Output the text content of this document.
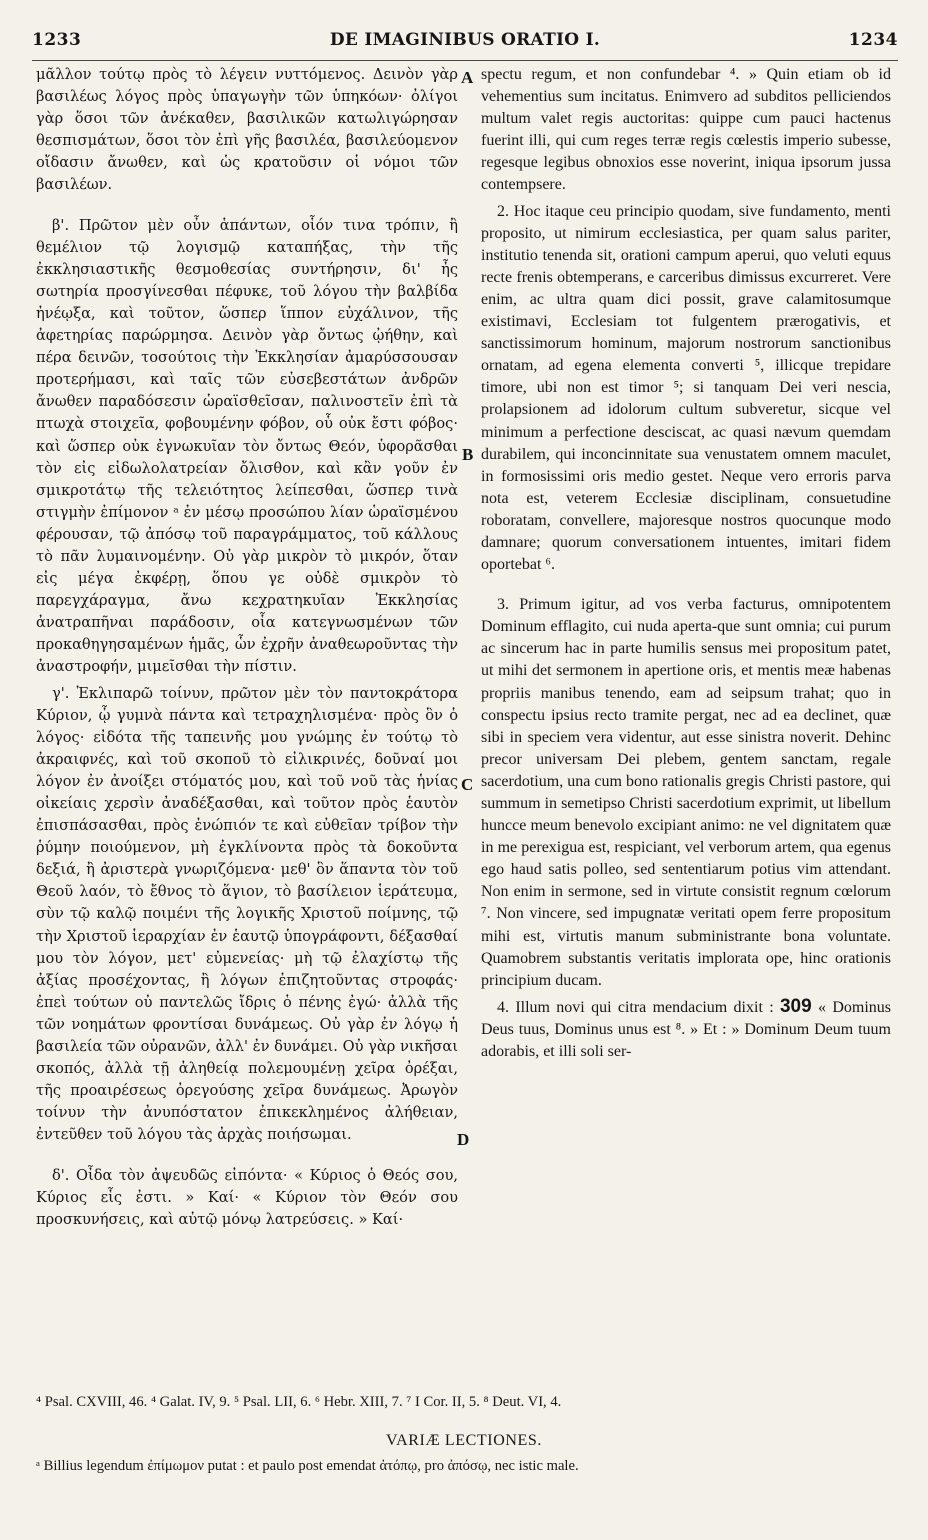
1233	DE IMAGINIBUS ORATIO I.	1234

μᾶλλον τούτῳ πρὸς τὸ λέγειν νυττόμενος. Δεινὸν γὰρ βασιλέως λόγος πρὸς ὑπαγωγὴν τῶν ὑπηκόων· ὀλίγοι γὰρ ὅσοι τῶν ἀνέκαθεν, βασιλικῶν κατωλιγώρησαν θεσπισμάτων, ὅσοι τὸν ἐπὶ γῆς βασιλέα, βασιλεύομενον οἴδασιν ἄνωθεν, καὶ ὡς κρατοῦσιν οἱ νόμοι τῶν βασιλέων.

β'. Πρῶτον μὲν οὖν ἁπάντων, οἷόν τινα τρόπιν, ἢ θεμέλιον τῷ λογισμῷ καταπήξας, τὴν τῆς ἐκκλησιαστικῆς θεσμοθεσίας συντήρησιν, δι' ἧς σωτηρία προσγίνεσθαι πέφυκε, τοῦ λόγου τὴν βαλβίδα ἠνέῳξα, καὶ τοῦτον, ὥσπερ ἵππον εὐχάλινον, τῆς ἀφετηρίας παρώρμησα. Δεινὸν γὰρ ὄντως ᾠήθην, καὶ πέρα δεινῶν, τοσούτοις τὴν Ἐκκλησίαν ἀμαρύσσουσαν προτερήμασι, καὶ ταῖς τῶν εὐσεβεστάτων ἀνδρῶν ἄνωθεν παραδόσεσιν ὡραϊσθεῖσαν, παλινοστεῖν ἐπὶ τὰ πτωχὰ στοιχεῖα, φοβουμένην φόβον, οὗ οὐκ ἔστι φόβος· καὶ ὥσπερ οὐκ ἐγνωκυῖαν τὸν ὄντως Θεόν, ὑφορᾶσθαι τὸν εἰς εἰδωλολατρείαν ὄλισθον, καὶ κἂν γοῦν ἐν σμικροτάτῳ τῆς τελειότητος λείπεσθαι, ὥσπερ τινὰ στιγμὴν ἐπίμονον ᵃ ἐν μέσῳ προσώπου λίαν ὡραϊσμένου φέρουσαν, τῷ ἀπόσῳ τοῦ παραγράμματος, τοῦ κάλλους τὸ πᾶν λυμαινομένην. Οὐ γὰρ μικρὸν τὸ μικρόν, ὅταν εἰς μέγα ἐκφέρῃ, ὅπου γε οὐδὲ σμικρὸν τὸ παρεγχάραγμα, ἄνω κεχρατηκυῖαν Ἐκκλησίας ἀνατραπῆναι παράδοσιν, οἷα κατεγνωσμένων τῶν προκαθηγησαμένων ἡμᾶς, ὧν ἐχρῆν ἀναθεωροῦντας τὴν ἀναστροφήν, μιμεῖσθαι τὴν πίστιν.

γ'. Ἐκλιπαρῶ τοίνυν, πρῶτον μὲν τὸν παντοκράτορα Κύριον, ᾧ γυμνὰ πάντα καὶ τετραχηλισμένα· πρὸς ὃν ὁ λόγος· εἰδότα τῆς ταπεινῆς μου γνώμης ἐν τούτῳ τὸ ἀκραιφνές, καὶ τοῦ σκοποῦ τὸ εἰλικρινές, δοῦναί μοι λόγον ἐν ἀνοίξει στόματός μου, καὶ τοῦ νοῦ τὰς ἡνίας οἰκείαις χερσὶν ἀναδέξασθαι, καὶ τοῦτον πρὸς ἑαυτὸν ἐπισπάσασθαι, πρὸς ἐνώπιόν τε καὶ εὐθεῖαν τρίβον τὴν ῥύμην ποιούμενον, μὴ ἐγκλίνοντα πρὸς τὰ δοκοῦντα δεξιά, ἢ ἀριστερὰ γνωριζόμενα· μεθ' ὃν ἅπαντα τὸν τοῦ Θεοῦ λαόν, τὸ ἔθνος τὸ ἅγιον, τὸ βασίλειον ἱεράτευμα, σὺν τῷ καλῷ ποιμένι τῆς λογικῆς Χριστοῦ ποίμνης, τῷ τὴν Χριστοῦ ἱεραρχίαν ἐν ἑαυτῷ ὑπογράφοντι, δέξασθαί μου τὸν λόγον, μετ' εὐμενείας· μὴ τῷ ἐλαχίστῳ τῆς ἀξίας προσέχοντας, ἢ λόγων ἐπιζητοῦντας στροφάς· ἐπεὶ τούτων οὐ παντελῶς ἴδρις ὁ πένης ἐγώ· ἀλλὰ τῆς τῶν νοημάτων φροντίσαι δυνάμεως. Οὐ γὰρ ἐν λόγῳ ἡ βασιλεία τῶν οὐρανῶν, ἀλλ' ἐν δυνάμει. Οὐ γὰρ νικῆσαι σκοπός, ἀλλὰ τῇ ἀληθείᾳ πολεμουμένῃ χεῖρα ὀρέξαι, τῆς προαιρέσεως ὀρεγούσης χεῖρα δυνάμεως. Ἀρωγὸν τοίνυν τὴν ἀνυπόστατον ἐπικεκλημένος ἀλήθειαν, ἐντεῦθεν τοῦ λόγου τὰς ἀρχὰς ποιήσωμαι.

δ'. Οἶδα τὸν ἀψευδῶς εἰπόντα· « Κύριος ὁ Θεός σου, Κύριος εἷς ἐστι. » Καί· « Κύριον τὸν Θεόν σου προσκυνήσεις, καὶ αὐτῷ μόνῳ λατρεύσεις. » Καί·

A
B
C
D

spectu regum, et non confundebar ⁴. » Quin etiam ob id vehementius sum incitatus. Enimvero ad subditos pelliciendos multum valet regis auctoritas: quippe cum pauci hactenus fuerint illi, qui cum reges terræ regis cœlestis imperio subesse, regesque legibus obnoxios esse noverint, iniqua ipsorum jussa contempsere.

2. Hoc itaque ceu principio quodam, sive fundamento, menti proposito, ut nimirum ecclesiastica, per quam salus pariter, institutio tenenda sit, orationi campum aperui, quo veluti equus recte frenis obtemperans, e carceribus dimissus excurreret. Vere enim, ac ultra quam dici possit, grave calamitosumque existimavi, Ecclesiam tot fulgentem prærogativis, et sanctissimorum hominum, majorum nostrorum sanctionibus ornatam, ad egena elementa converti ⁵, illicque trepidare timore, ubi non est timor ⁵; si tanquam Dei veri nescia, prolapsionem ad idolorum cultum subveretur, sicque vel minimum a perfectione desciscat, ac quasi nævum quemdam durabilem, qui inconcinnitate sua venustatem omnem maculet, in formosissimi oris medio gestet. Neque vero erroris parva nota est, veterem Ecclesiæ disciplinam, consuetudine roboratam, convellere, majoresque nostros quocunque modo damnare; quorum conversationem intuentes, imitari fidem oportebat ⁶.

3. Primum igitur, ad vos verba facturus, omnipotentem Dominum efflagito, cui nuda aperta-que sunt omnia; cui purum ac sincerum hac in parte humilis sensus mei propositum patet, ut mihi det sermonem in apertione oris, et mentis meæ habenas propriis manibus tenendo, eam ad seipsum trahat; quo in conspectu ipsius recto tramite pergat, nec ad ea declinet, quæ sibi in speciem vera videntur, aut esse sinistra noverit. Dehinc precor universam Dei plebem, gentem sanctam, regale sacerdotium, una cum bono rationalis gregis Christi pastore, qui summum in semetipso Christi sacerdotium exprimit, ut libellum huncce meum benevolo excipiant animo: ne vel dignitatem quæ in me perexigua est, respiciant, vel verborum artem, qua egenus ego haud satis polleo, sed sententiarum potius vim attendant. Non enim in sermone, sed in virtute consistit regnum cœlorum ⁷. Non vincere, sed impugnatæ veritati opem ferre propositum mihi est, virtutis manum subministrante bona voluntate. Quamobrem substantis veritatis implorata ope, hinc orationis principium ducam.

4. Illum novi qui citra mendacium dixit : 309 « Dominus Deus tuus, Dominus unus est ⁸. » Et : » Dominum Deum tuum adorabis, et illi soli ser-

⁴ Psal. CXVIII, 46. ⁴ Galat. IV, 9. ⁵ Psal. LII, 6. ⁶ Hebr. XIII, 7. ⁷ I Cor. II, 5. ⁸ Deut. VI, 4.
VARIÆ LECTIONES.
ᵃ Billius legendum ἐπίμωμον putat : et paulo post emendat ἀτόπῳ, pro ἀπόσῳ, nec istic male.
